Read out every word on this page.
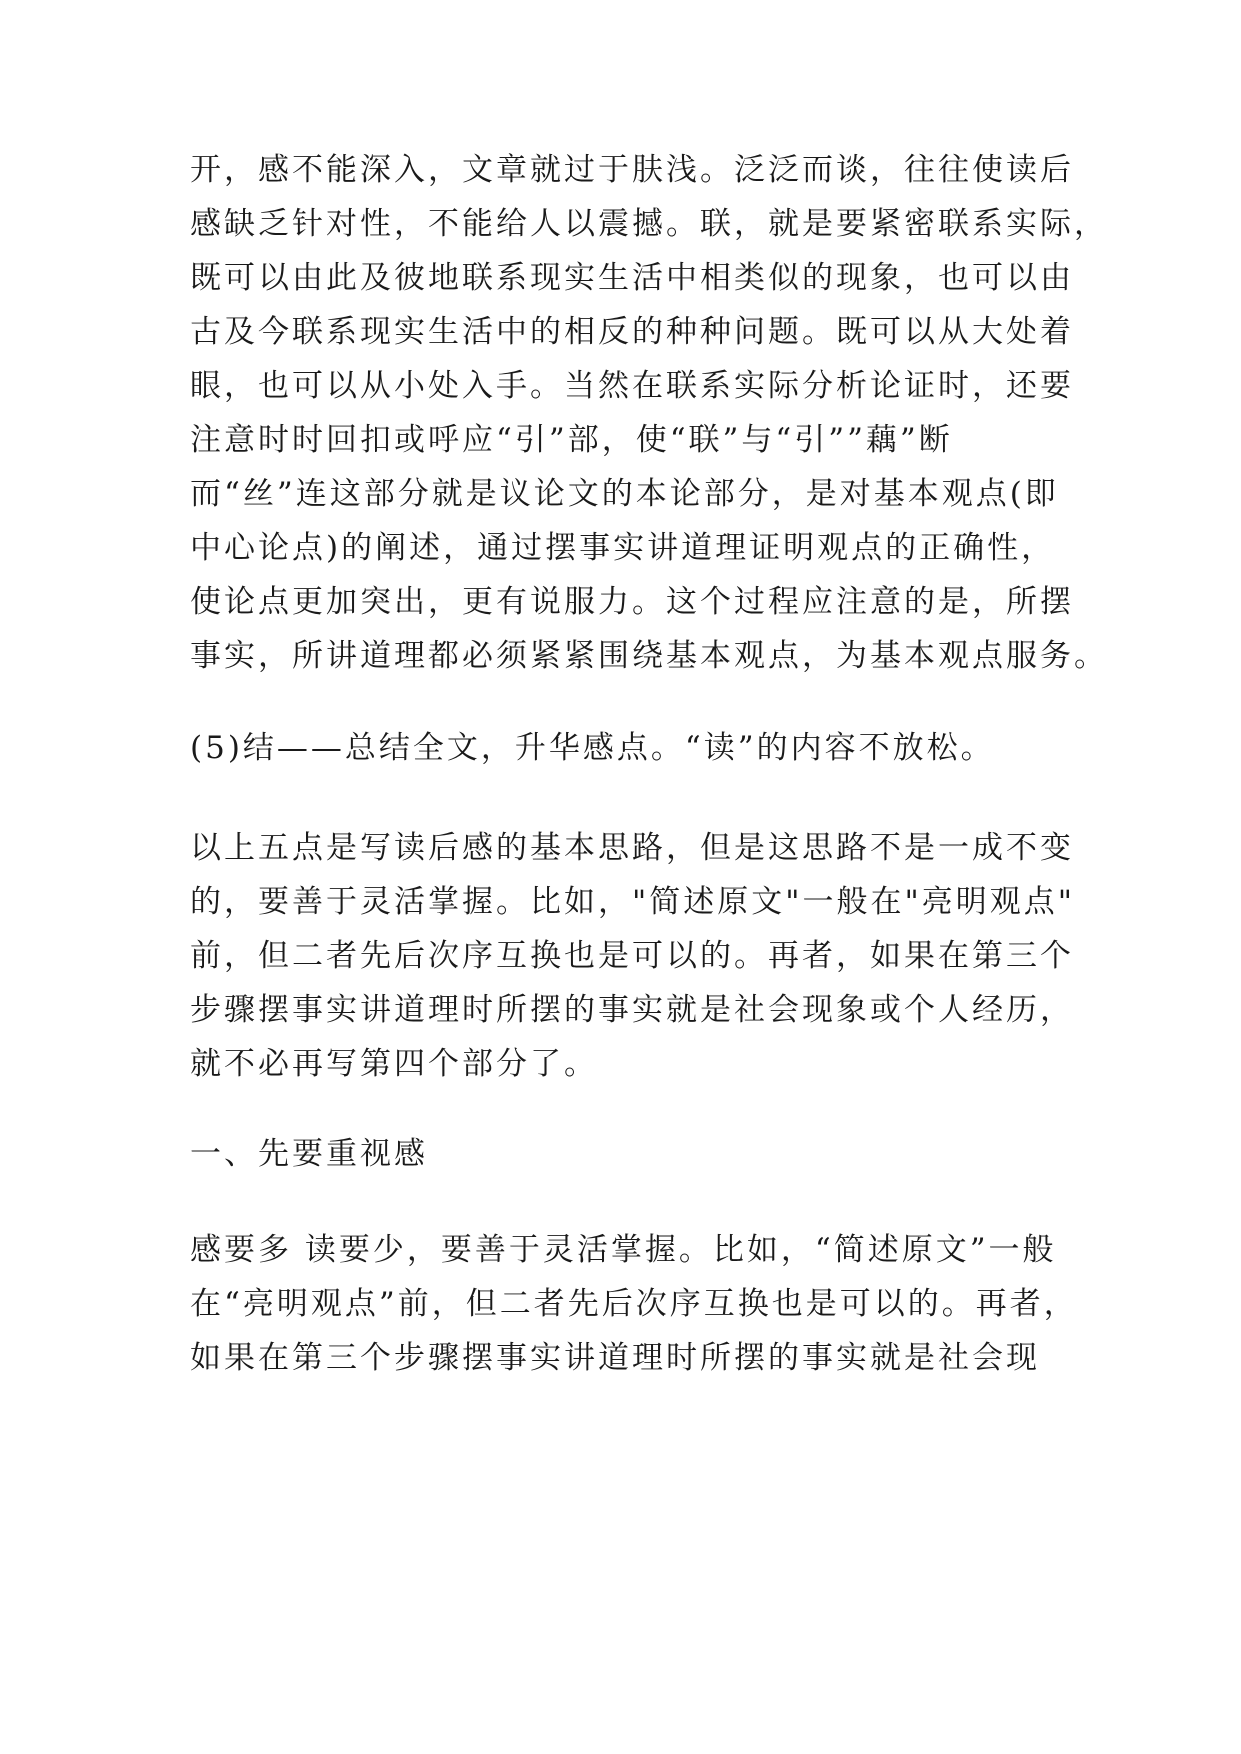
开，感不能深入，文章就过于肤浅。泛泛而谈，往往使读后
感缺乏针对性，不能给人以震撼。联，就是要紧密联系实际，
既可以由此及彼地联系现实生活中相类似的现象，也可以由
古及今联系现实生活中的相反的种种问题。既可以从大处着
眼，也可以从小处入手。当然在联系实际分析论证时，还要
注意时时回扣或呼应“引”部，使“联”与“引””藕”断
而“丝”连这部分就是议论文的本论部分，是对基本观点(即
中心论点)的阐述，通过摆事实讲道理证明观点的正确性，
使论点更加突出，更有说服力。这个过程应注意的是，所摆
事实，所讲道理都必须紧紧围绕基本观点，为基本观点服务。
(5)结——总结全文，升华感点。“读”的内容不放松。
以上五点是写读后感的基本思路，但是这思路不是一成不变
的，要善于灵活掌握。比如，"简述原文"一般在"亮明观点"
前，但二者先后次序互换也是可以的。再者，如果在第三个
步骤摆事实讲道理时所摆的事实就是社会现象或个人经历，
就不必再写第四个部分了。
一、先要重视感
感要多 读要少，要善于灵活掌握。比如，“简述原文”一般
在“亮明观点”前，但二者先后次序互换也是可以的。再者，
如果在第三个步骤摆事实讲道理时所摆的事实就是社会现
